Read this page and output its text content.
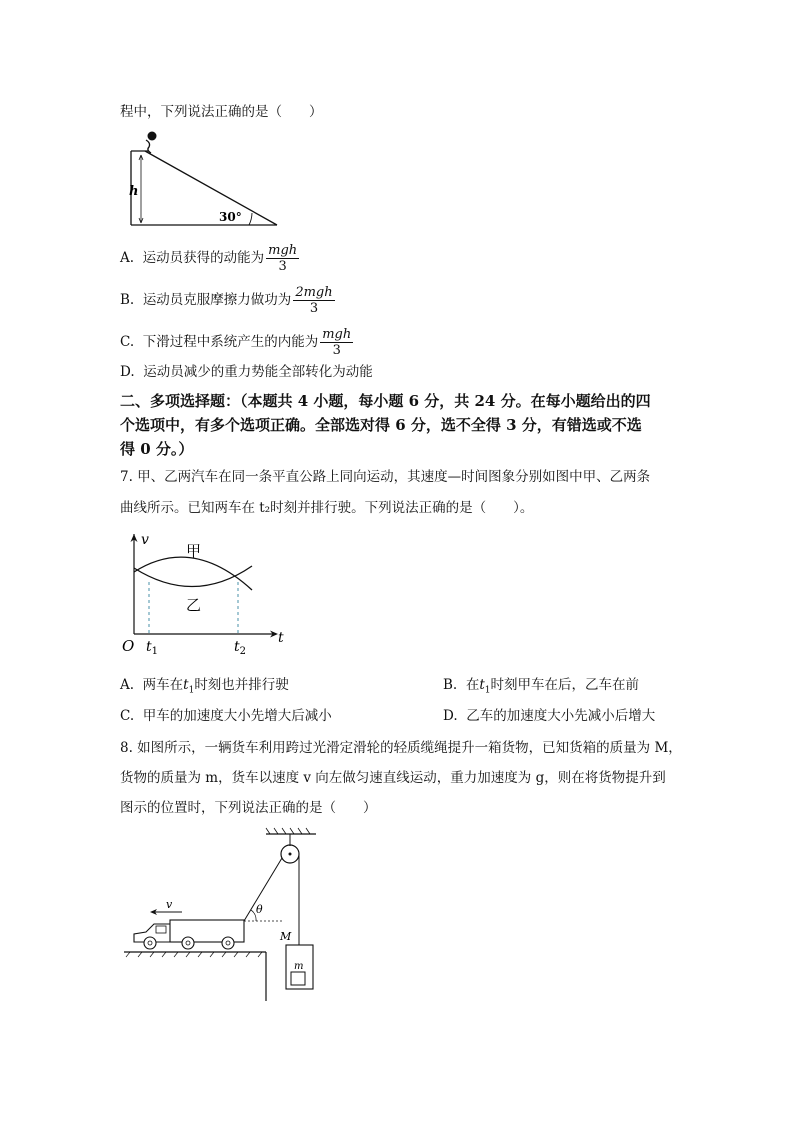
程中，下列说法正确的是（　　）
h
30°
A. 运动员获得的动能为 $\frac{\text{mgh}}{3}$
B. 运动员克服摩擦力做功为 $\frac{\text{2mgh}}{3}$
C. 下滑过程中系统产生的内能为 $\frac{\text{mgh}}{3}$
D. 运动员减少的重力势能全部转化为动能
二、多项选择题：（本题共 4 小题，每小题 6 分，共 24 分。在每小题给出的四
个选项中，有多个选项正确。全部选对得 6 分，选不全得 3 分，有错选或不选
得 0 分。）
7. 甲、乙两汽车在同一条平直公路上同向运动，其速度—时间图象分别如图中甲、乙两条
曲线所示。已知两车在 t₂时刻并排行驶。下列说法正确的是（　　）。
v
t
O $t_1$	$t_2$
甲
乙
A. 两车在$t_1$时刻也并排行驶	B. 在$t_1$时刻甲车在后，乙车在前
C. 甲车的加速度大小先增大后减小	D. 乙车的加速度大小先减小后增大
8. 如图所示，一辆货车利用跨过光滑定滑轮的轻质缆绳提升一箱货物，已知货箱的质量为 M，
货物的质量为 m，货车以速度 v 向左做匀速直线运动，重力加速度为 g，则在将货物提升到
图示的位置时，下列说法正确的是（　　）
θ
v
M
m
